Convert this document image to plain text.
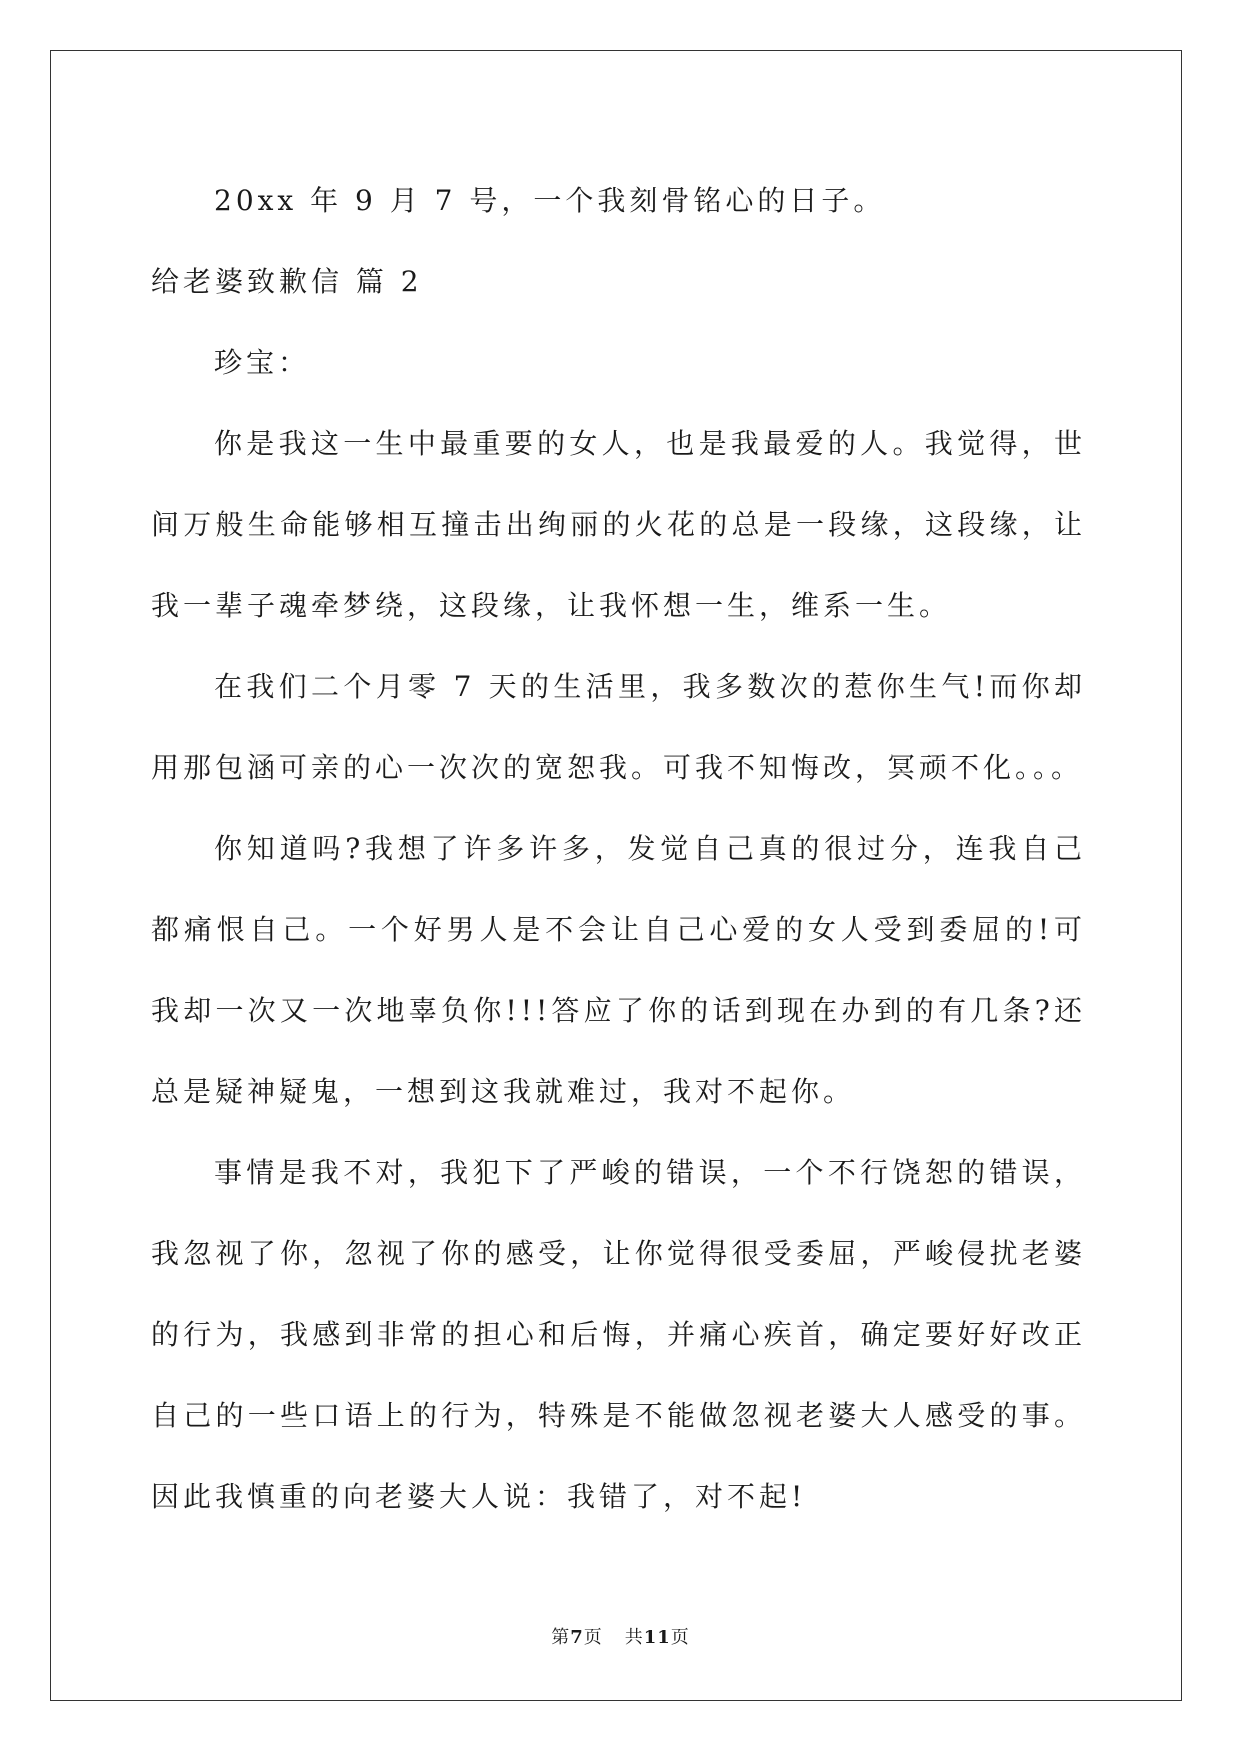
20xx 年 9 月 7 号，一个我刻骨铭心的日子。

给老婆致歉信 篇 2

珍宝：

你是我这一生中最重要的女人，也是我最爱的人。我觉得，世间万般生命能够相互撞击出绚丽的火花的总是一段缘，这段缘，让我一辈子魂牵梦绕，这段缘，让我怀想一生，维系一生。

在我们二个月零 7 天的生活里，我多数次的惹你生气!而你却用那包涵可亲的心一次次的宽恕我。可我不知悔改，冥顽不化。。。

你知道吗?我想了许多许多，发觉自己真的很过分，连我自己都痛恨自己。一个好男人是不会让自己心爱的女人受到委屈的!可我却一次又一次地辜负你!!!答应了你的话到现在办到的有几条?还总是疑神疑鬼，一想到这我就难过，我对不起你。

事情是我不对，我犯下了严峻的错误，一个不行饶恕的错误，我忽视了你，忽视了你的感受，让你觉得很受委屈，严峻侵扰老婆的行为，我感到非常的担心和后悔，并痛心疾首，确定要好好改正自己的一些口语上的行为，特殊是不能做忽视老婆大人感受的事。因此我慎重的向老婆大人说：我错了，对不起!

第7页 共11页
